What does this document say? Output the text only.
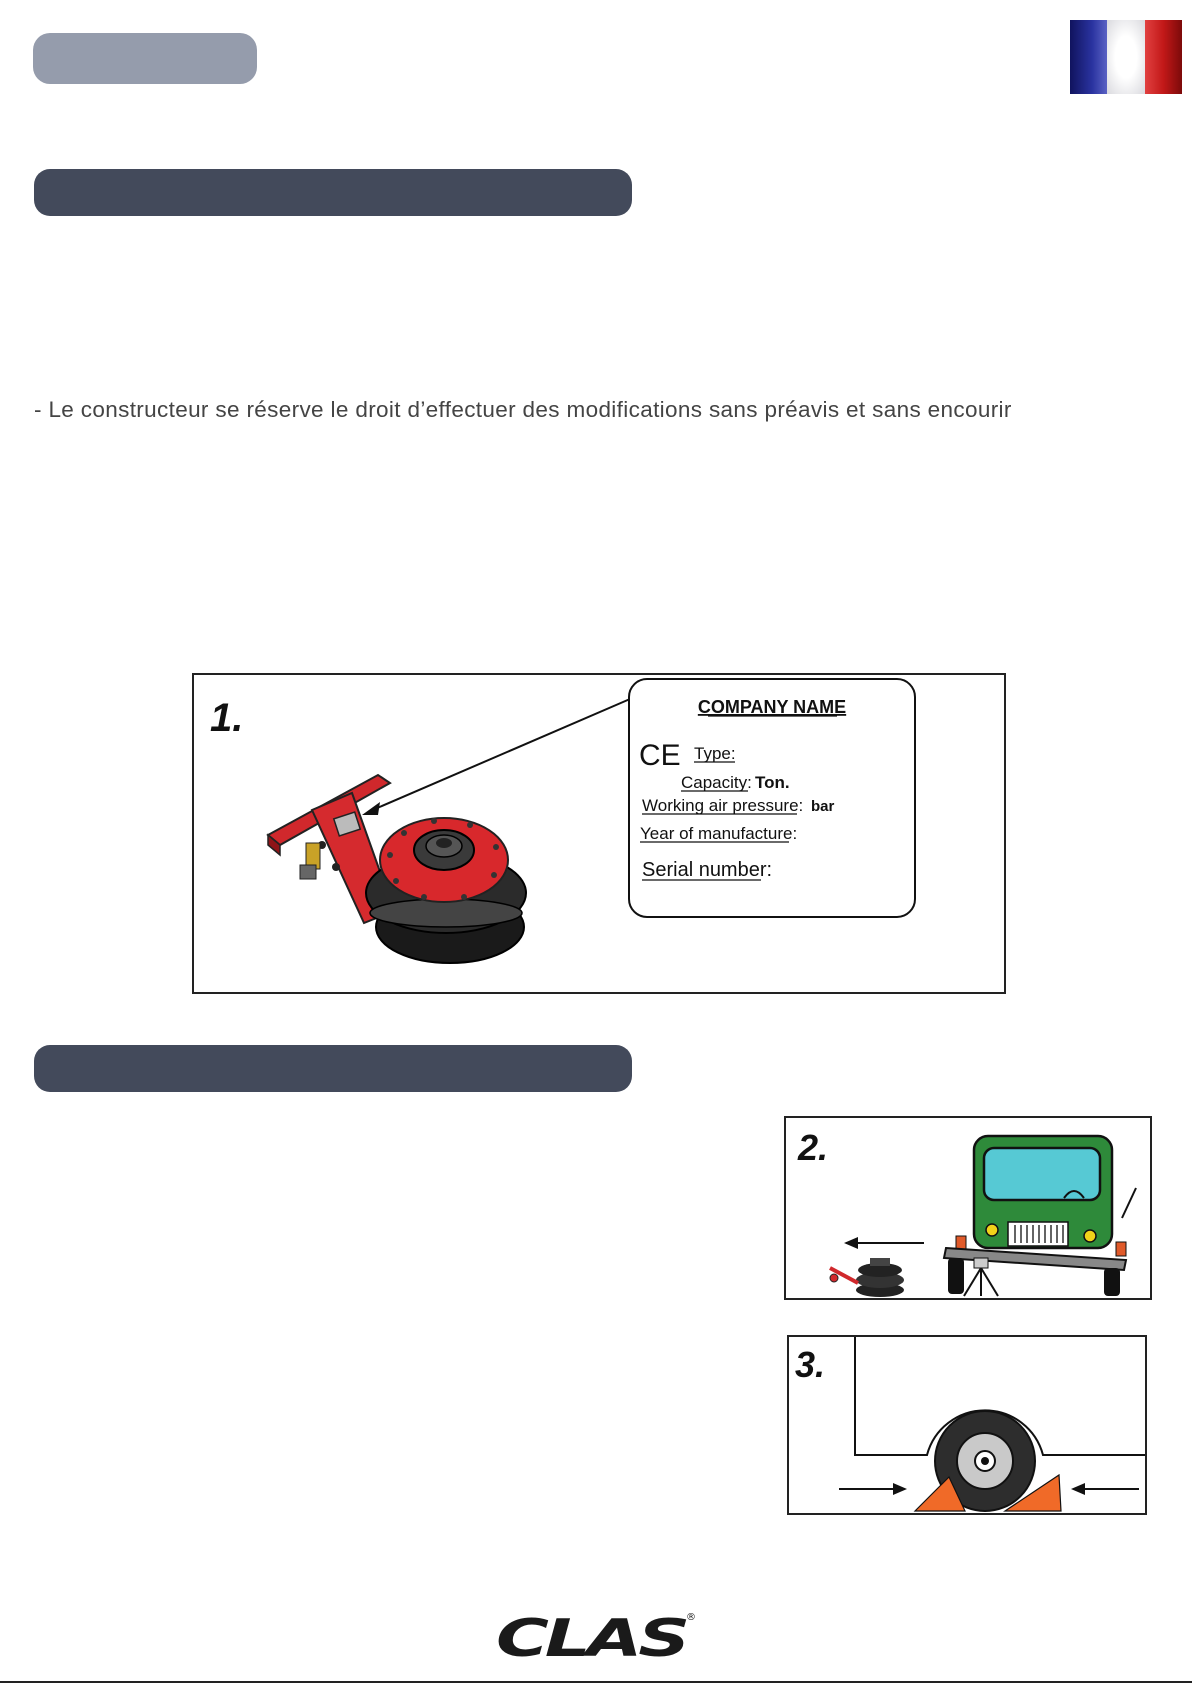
- Le constructeur se réserve le droit d’effectuer des modifications sans préavis et sans encourir
1.	COMPANY NAME
CE Type:
Capacity: Ton.
Working air pressure: bar
Year of manufacture:
Serial number:
2.
3.
CLAS ®
